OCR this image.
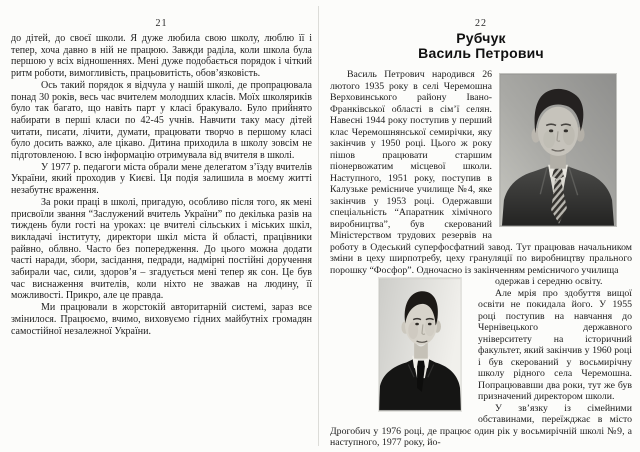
21

до дітей, до своєї школи. Я дуже любила свою школу, люблю її і тепер, хоча давно в ній не працюю. Завжди раділа, коли школа була першою у всіх відношеннях. Мені дуже подобається порядок і чіткий ритм роботи, вимогливість, працьовитість, обов’язковість.

Ось такий порядок я відчула у нашій школі, де пропрацювала понад 30 років, весь час вчителем молодших класів. Моїх школяриків було так багато, що навіть парт у класі бракувало. Було прийнято набирати в перші класи по 42-45 учнів. Навчити таку масу дітей читати, писати, лічити, думати, працювати творчо в першому класі було досить важко, але цікаво. Дитина приходила в школу зовсім не підготовленою. І всю інформацію отримувала від вчителя в школі.

У 1977 р. педагоги міста обрали мене делегатом з’їзду вчителів України, який проходив у Києві. Ця подія залишила в моєму житті незабутнє враження.

За роки праці в школі, пригадую, особливо після того, як мені присвоїли звання “Заслужений вчитель України” по декілька разів на тиждень були гості на уроках: це вчителі сільських і міських шкіл, викладачі інституту, директори шкіл міста й області, працівники райвно, облвно. Часто без попередження. До цього можна додати часті наради, збори, засідання, педради, надмірні постійні доручення забирали час, сили, здоров’я – згадується мені тепер як сон. Це був час виснаження вчителів, коли ніхто не зважав на людину, її можливості. Прикро, але це правда.

Ми працювали в жорстокій авторитарній системі, зараз все змінилося. Працюємо, вчимо, виховуємо гідних майбутніх громадян самостійної незалежної України.

22
Рубчук
Василь Петрович

Василь Петрович народився 26 лютого 1935 року в селі Черемошна Верховинського району Івано-Франківської області в сім’ї селян. Навесні 1944 року поступив у перший клас Черемошнянської семирічки, яку закінчив у 1950 році. Цього ж року пішов працювати старшим піонервожатим місцевої школи. Наступного, 1951 року, поступив в Калузьке ремісниче училище №4, яке закінчив у 1953 році. Одержавши спеціальність “Апаратник хімічного виробництва”, був скерований Міністерством трудових резервів на роботу в Одеський суперфосфатний завод. Тут працював начальником зміни в цеху ширпотребу, цеху грануляції по виробництву прального порошку “Фосфор”. Одночасно із закінченням ремісничого училища

одержав і середню освіту.

Але мрія про здобуття вищої освіти не покидала його. У 1955 році поступив на навчання до Чернівецького державного університету на історичний факультет, який закінчив у 1960 році і був скерований у восьмирічну школу рідного села Черемошна. Попрацювавши два роки, тут же був призначений директором школи.

У зв’язку із сімейними обставинами, переїжджає в місто Дрогобич у 1976 році, де працює один рік у восьмирічній школі №9, а наступного, 1977 року, йо-
